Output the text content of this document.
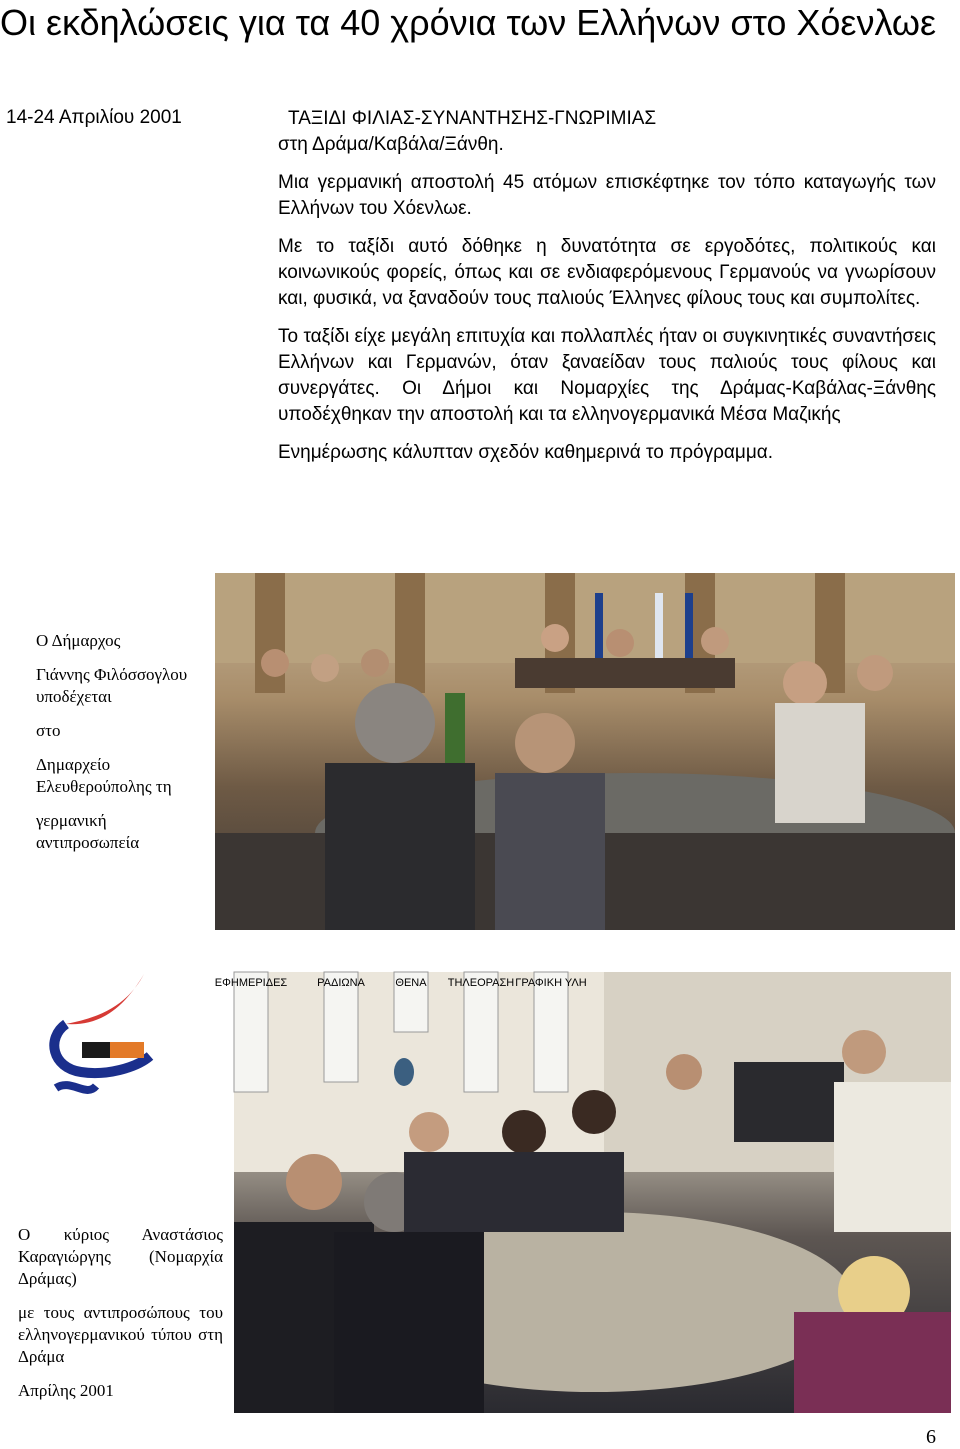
Οι εκδηλώσεις για τα 40 χρόνια των Ελλήνων στο Χόενλωε
14-24 Απριλίου 2001	ΤΑΞΙΔΙ ΦΙΛΙΑΣ-ΣΥΝΑΝΤΗΣΗΣ-ΓΝΩΡΙΜΙΑΣ

στη Δράμα/Καβάλα/Ξάνθη.

Μια γερμανική αποστολή 45 ατόμων επισκέφτηκε τον τόπο καταγωγής των Ελλήνων του Χόενλωε.

Με το ταξίδι αυτό δόθηκε η δυνατότητα σε εργοδότες, πολιτικούς και κοινωνικούς φορείς, όπως και σε ενδιαφερόμενους Γερμανούς να γνωρίσουν και, φυσικά, να ξαναδούν τους παλιούς Έλληνες φίλους τους και συμπολίτες.

Το ταξίδι είχε μεγάλη επιτυχία και πολλαπλές ήταν οι συγκινητικές συναντήσεις Ελλήνων και Γερμανών, όταν ξαναείδαν τους παλιούς τους φίλους και συνεργάτες. Οι Δήμοι και Νομαρχίες της Δράμας-Καβάλας-Ξάνθης υποδέχθηκαν την αποστολή και τα ελληνογερμανικά Μέσα Μαζικής

Ενημέρωσης κάλυπταν σχεδόν καθημερινά το πρόγραμμα.

Ο Δήμαρχος

Γιάννης Φιλόσσογλου υποδέχεται

στο

Δημαρχείο Ελευθερούπολης τη

γερμανική αντιπροσωπεία

ΕΦΗΜΕΡΙΔΕΣ	ΡΑΔΙΩΝΑ	ΘΕΝΑ ΤΗΛΕΟΡΑΣΗ ΓΡΑΦΙΚΗ ΥΛΗ

Ο κύριος Αναστάσιος Καραγιώργης (Νομαρχία Δράμας)

με τους αντιπροσώπους του ελληνογερμανικού τύπου στη Δράμα

Απρίλης 2001

6
